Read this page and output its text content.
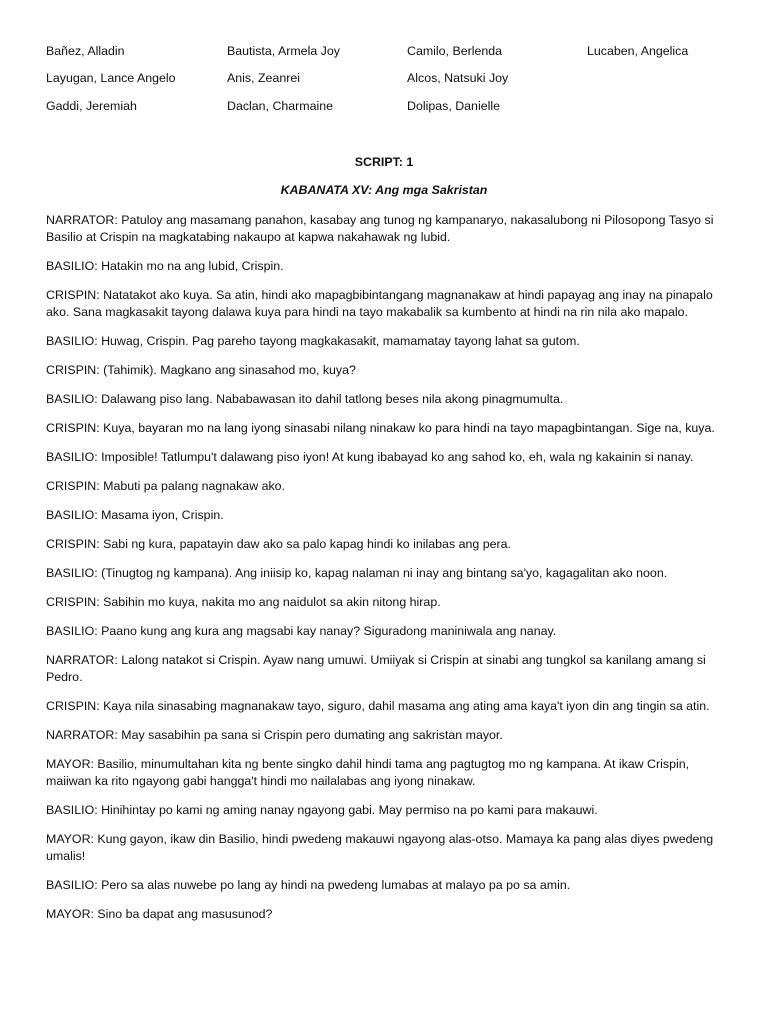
Bañez, Alladin	Bautista, Armela Joy	Camilo, Berlenda	Lucaben, Angelica
Layugan, Lance Angelo	Anis, Zeanrei	Alcos, Natsuki Joy
Gaddi, Jeremiah	Daclan, Charmaine	Dolipas, Danielle
SCRIPT: 1
KABANATA XV: Ang mga Sakristan

NARRATOR: Patuloy ang masamang panahon, kasabay ang tunog ng kampanaryo, nakasalubong ni Pilosopong Tasyo si Basilio at Crispin na magkatabing nakaupo at kapwa nakahawak ng lubid.

BASILIO: Hatakin mo na ang lubid, Crispin.

CRISPIN: Natatakot ako kuya. Sa atin, hindi ako mapagbibintangang magnanakaw at hindi papayag ang inay na pinapalo ako. Sana magkasakit tayong dalawa kuya para hindi na tayo makabalik sa kumbento at hindi na rin nila ako mapalo.

BASILIO: Huwag, Crispin. Pag pareho tayong magkakasakit, mamamatay tayong lahat sa gutom.

CRISPIN: (Tahimik). Magkano ang sinasahod mo, kuya?

BASILIO: Dalawang piso lang. Nababawasan ito dahil tatlong beses nila akong pinagmumulta.

CRISPIN: Kuya, bayaran mo na lang iyong sinasabi nilang ninakaw ko para hindi na tayo mapagbintangan. Sige na, kuya.

BASILIO: Imposible! Tatlumpu't dalawang piso iyon! At kung ibabayad ko ang sahod ko, eh, wala ng kakainin si nanay.

CRISPIN: Mabuti pa palang nagnakaw ako.

BASILIO: Masama iyon, Crispin.

CRISPIN: Sabi ng kura, papatayin daw ako sa palo kapag hindi ko inilabas ang pera.

BASILIO: (Tinugtog ng kampana). Ang iniisip ko, kapag nalaman ni inay ang bintang sa'yo, kagagalitan ako noon.

CRISPIN: Sabihin mo kuya, nakita mo ang naidulot sa akin nitong hirap.

BASILIO: Paano kung ang kura ang magsabi kay nanay? Siguradong maniniwala ang nanay.

NARRATOR: Lalong natakot si Crispin. Ayaw nang umuwi. Umiiyak si Crispin at sinabi ang tungkol sa kanilang amang si Pedro.

CRISPIN: Kaya nila sinasabing magnanakaw tayo, siguro, dahil masama ang ating ama kaya't iyon din ang tingin sa atin.

NARRATOR: May sasabihin pa sana si Crispin pero dumating ang sakristan mayor.

MAYOR: Basilio, minumultahan kita ng bente singko dahil hindi tama ang pagtugtog mo ng kampana. At ikaw Crispin, maiiwan ka rito ngayong gabi hangga't hindi mo nailalabas ang iyong ninakaw.

BASILIO: Hinihintay po kami ng aming nanay ngayong gabi. May permiso na po kami para makauwi.

MAYOR: Kung gayon, ikaw din Basilio, hindi pwedeng makauwi ngayong alas-otso. Mamaya ka pang alas diyes pwedeng umalis!

BASILIO: Pero sa alas nuwebe po lang ay hindi na pwedeng lumabas at malayo pa po sa amin.

MAYOR: Sino ba dapat ang masusunod?
